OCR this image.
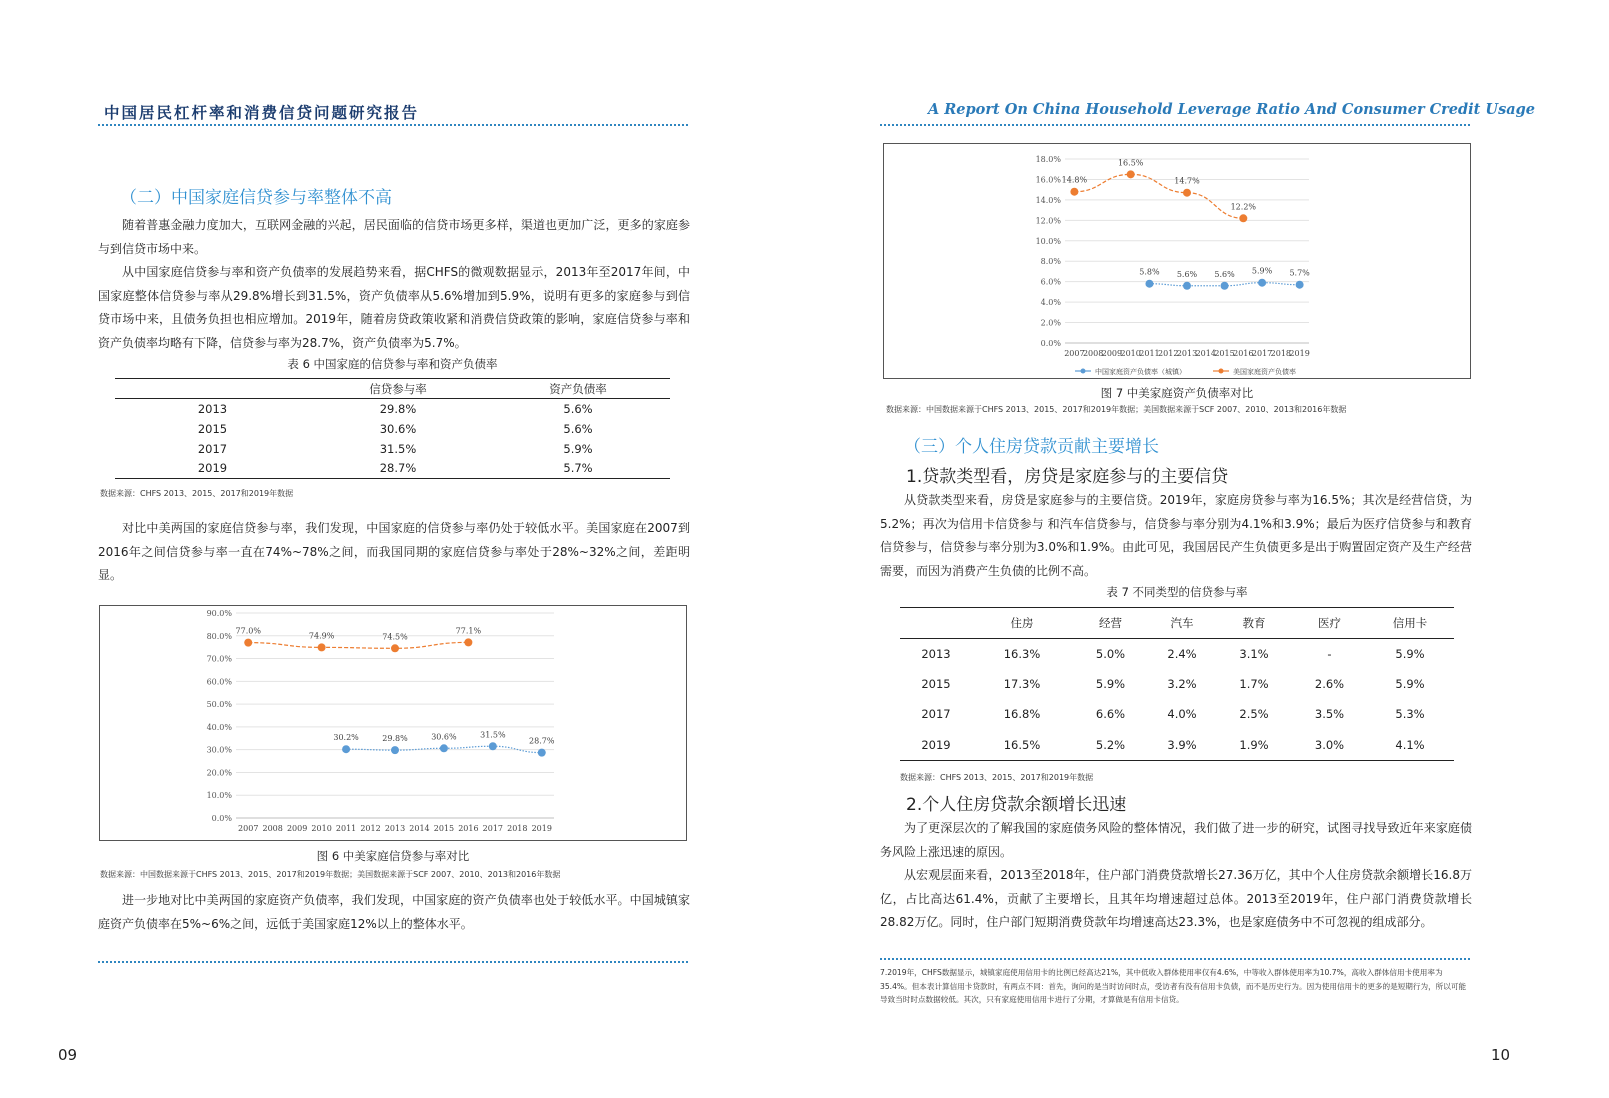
中国居民杠杆率和消费信贷问题研究报告
（二）中国家庭信贷参与率整体不高

随着普惠金融力度加大，互联网金融的兴起，居民面临的信贷市场更多样，渠道也更加广泛，更多的家庭参与到信贷市场中来。

从中国家庭信贷参与率和资产负债率的发展趋势来看，据CHFS的微观数据显示，2013年至2017年间，中国家庭整体信贷参与率从29.8%增长到31.5%，资产负债率从5.6%增加到5.9%，说明有更多的家庭参与到信贷市场中来，且债务负担也相应增加。2019年，随着房贷政策收紧和消费信贷政策的影响，家庭信贷参与率和资产负债率均略有下降，信贷参与率为28.7%，资产负债率为5.7%。

表 6 中国家庭的信贷参与率和资产负债率
	信贷参与率	资产负债率
2013	29.8%	5.6%
2015	30.6%	5.6%
2017	31.5%	5.9%
2019	28.7%	5.7%
数据来源：CHFS 2013、2015、2017和2019年数据

对比中美两国的家庭信贷参与率，我们发现，中国家庭的信贷参与率仍处于较低水平。美国家庭在2007到2016年之间信贷参与率一直在74%~78%之间，而我国同期的家庭信贷参与率处于28%~32%之间，差距明显。

0.0%
10.0%
20.0%
30.0%
40.0%
50.0%
60.0%
70.0%
80.0%
90.0%
2007 2008 2009 2010 2011 2012 2013 2014 2015 2016 2017 2018 2019
77.0%
74.9%	74.5%
77.1%
30.2%	29.8%	30.6%	31.5%
28.7%
图 6 中美家庭信贷参与率对比
数据来源：中国数据来源于CHFS 2013、2015、2017和2019年数据；美国数据来源于SCF 2007、2010、2013和2016年数据

进一步地对比中美两国的家庭资产负债率，我们发现，中国家庭的资产负债率也处于较低水平。中国城镇家庭资产负债率在5%~6%之间，远低于美国家庭12%以上的整体水平。

09
A Report On China Household Leverage Ratio And Consumer Credit Usage
0.0%
2.0%
4.0%
6.0%
8.0%
10.0%
12.0%
14.0%
16.0%
18.0%
2007
2008
2009
2010
2011
2012
2013
2014
2015
2016
2017
2018
2019
14.8%
16.5%
14.7%
12.2%
5.8% 5.6% 5.6% 5.9% 5.7%
中国家庭资产负债率（城镇）	美国家庭资产负债率
图 7 中美家庭资产负债率对比
数据来源：中国数据来源于CHFS 2013、2015、2017和2019年数据；美国数据来源于SCF 2007、2010、2013和2016年数据
（三）个人住房贷款贡献主要增长
1.贷款类型看，房贷是家庭参与的主要信贷

从贷款类型来看，房贷是家庭参与的主要信贷。2019年，家庭房贷参与率为16.5%；其次是经营信贷，为5.2%；再次为信用卡信贷参与 和汽车信贷参与，信贷参与率分别为4.1%和3.9%；最后为医疗信贷参与和教育信贷参与，信贷参与率分别为3.0%和1.9%。由此可见，我国居民产生负债更多是出于购置固定资产及生产经营需要，而因为消费产生负债的比例不高。

表 7 不同类型的信贷参与率
	住房	经营	汽车	教育	医疗	信用卡
2013	16.3%	5.0%	2.4%	3.1%	-	5.9%
2015	17.3%	5.9%	3.2%	1.7%	2.6%	5.9%
2017	16.8%	6.6%	4.0%	2.5%	3.5%	5.3%
2019	16.5%	5.2%	3.9%	1.9%	3.0%	4.1%
数据来源：CHFS 2013、2015、2017和2019年数据
2.个人住房贷款余额增长迅速

为了更深层次的了解我国的家庭债务风险的整体情况，我们做了进一步的研究，试图寻找导致近年来家庭债务风险上涨迅速的原因。

从宏观层面来看，2013至2018年，住户部门消费贷款增长27.36万亿，其中个人住房贷款余额增长16.8万亿，占比高达61.4%，贡献了主要增长，且其年均增速超过总体。2013至2019年，住户部门消费贷款增长28.82万亿。同时，住户部门短期消费贷款年均增速高达23.3%，也是家庭债务中不可忽视的组成部分。

7.2019年，CHFS数据显示，城镇家庭使用信用卡的比例已经高达21%，其中低收入群体使用率仅有4.6%，中等收入群体使用率为10.7%，高收入群体信用卡使用率为35.4%。但本表计算信用卡贷款时，有两点不同：首先，询问的是当时访问时点，受访者有没有信用卡负债，而不是历史行为。因为使用信用卡的更多的是短期行为，所以可能导致当时时点数据较低。其次，只有家庭使用信用卡进行了分期，才算做是有信用卡信贷。
10
